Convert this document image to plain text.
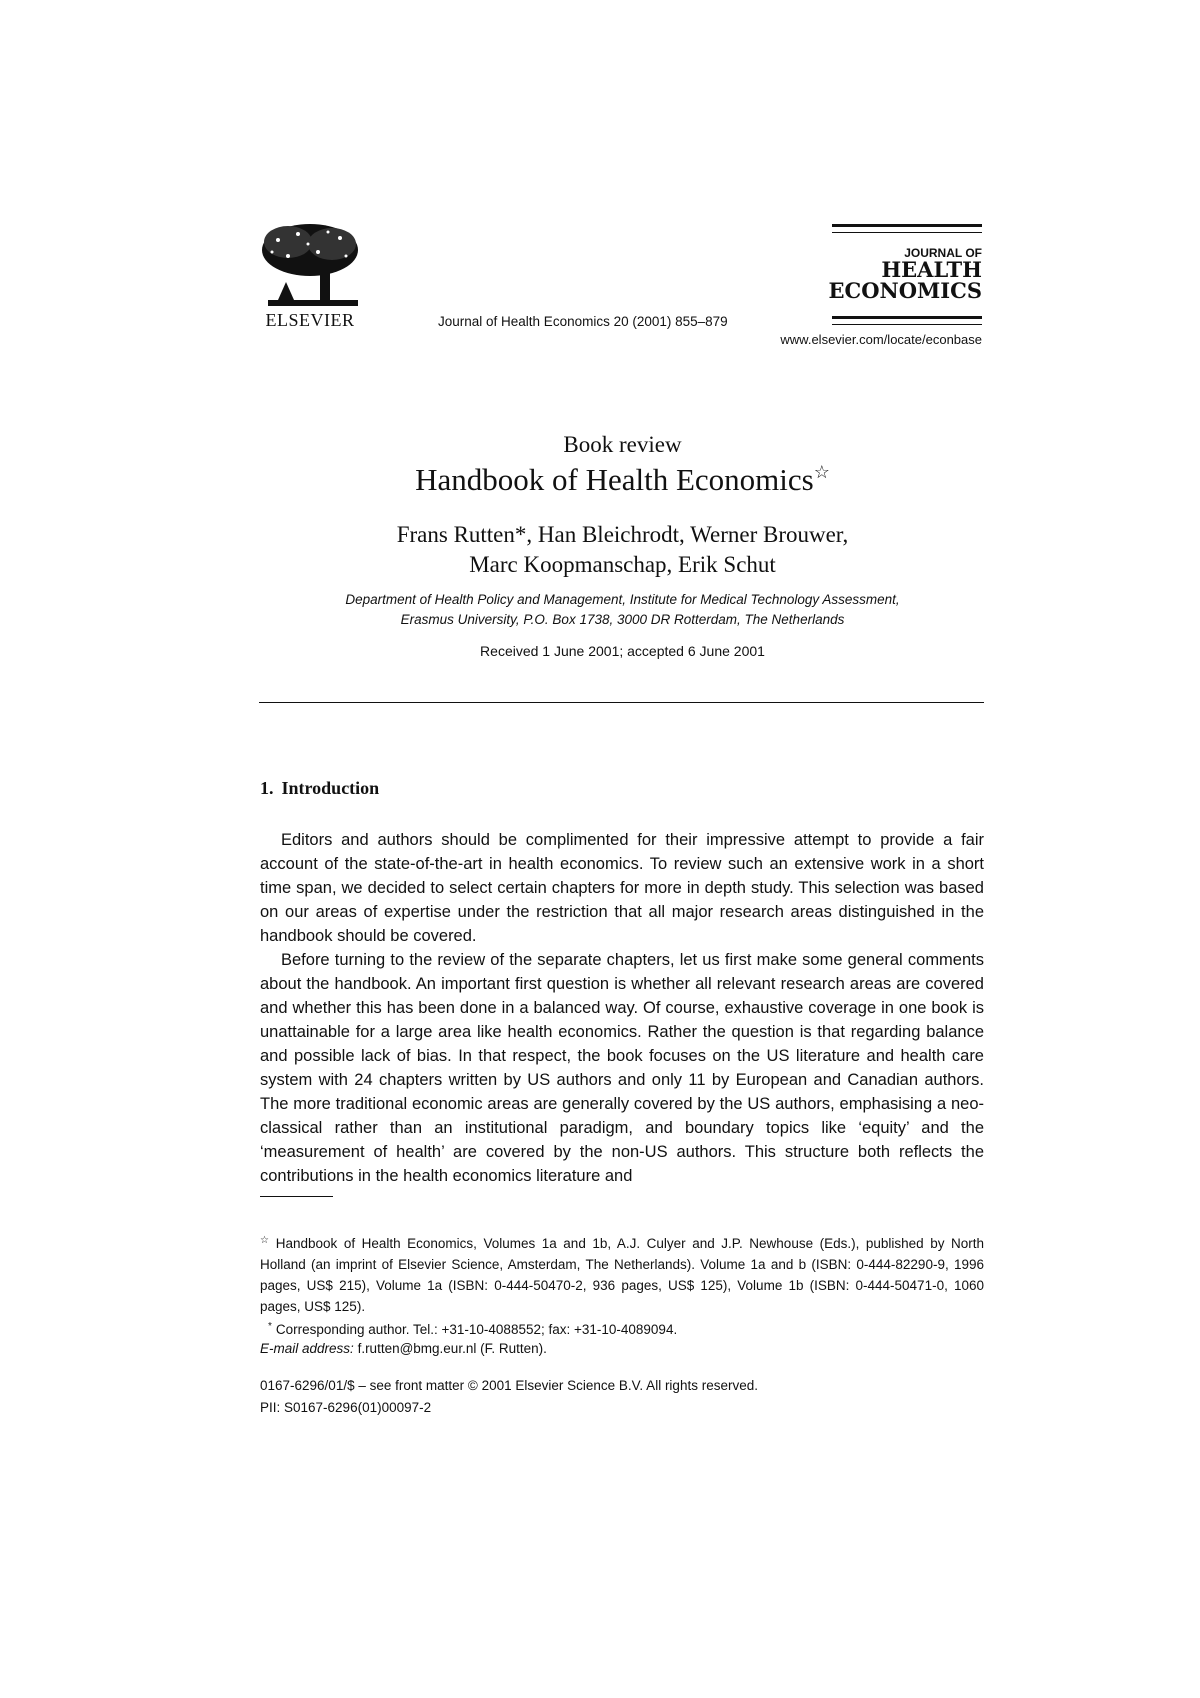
ELSEVIER	Journal of Health Economics 20 (2001) 855–879
JOURNAL OF
HEALTH
ECONOMICS
www.elsevier.com/locate/econbase
Book review
Handbook of Health Economics☆
Frans Rutten*, Han Bleichrodt, Werner Brouwer,
Marc Koopmanschap, Erik Schut
Department of Health Policy and Management, Institute for Medical Technology Assessment,
Erasmus University, P.O. Box 1738, 3000 DR Rotterdam, The Netherlands
Received 1 June 2001; accepted 6 June 2001
1. Introduction

Editors and authors should be complimented for their impressive attempt to provide a fair account of the state-of-the-art in health economics. To review such an extensive work in a short time span, we decided to select certain chapters for more in depth study. This selection was based on our areas of expertise under the restriction that all major research areas distinguished in the handbook should be covered.

Before turning to the review of the separate chapters, let us first make some general comments about the handbook. An important first question is whether all relevant research areas are covered and whether this has been done in a balanced way. Of course, exhaustive coverage in one book is unattainable for a large area like health economics. Rather the question is that regarding balance and possible lack of bias. In that respect, the book focuses on the US literature and health care system with 24 chapters written by US authors and only 11 by European and Canadian authors. The more traditional economic areas are generally covered by the US authors, emphasising a neo-classical rather than an institutional paradigm, and boundary topics like ‘equity’ and the ‘measurement of health’ are covered by the non-US authors. This structure both reflects the contributions in the health economics literature and

☆ Handbook of Health Economics, Volumes 1a and 1b, A.J. Culyer and J.P. Newhouse (Eds.), published by North Holland (an imprint of Elsevier Science, Amsterdam, The Netherlands). Volume 1a and b (ISBN: 0-444-82290-9, 1996 pages, US$ 215), Volume 1a (ISBN: 0-444-50470-2, 936 pages, US$ 125), Volume 1b (ISBN: 0-444-50471-0, 1060 pages, US$ 125).

* Corresponding author. Tel.: +31-10-4088552; fax: +31-10-4089094.

E-mail address: f.rutten@bmg.eur.nl (F. Rutten).

0167-6296/01/$ – see front matter © 2001 Elsevier Science B.V. All rights reserved.
PII: S0167-6296(01)00097-2
